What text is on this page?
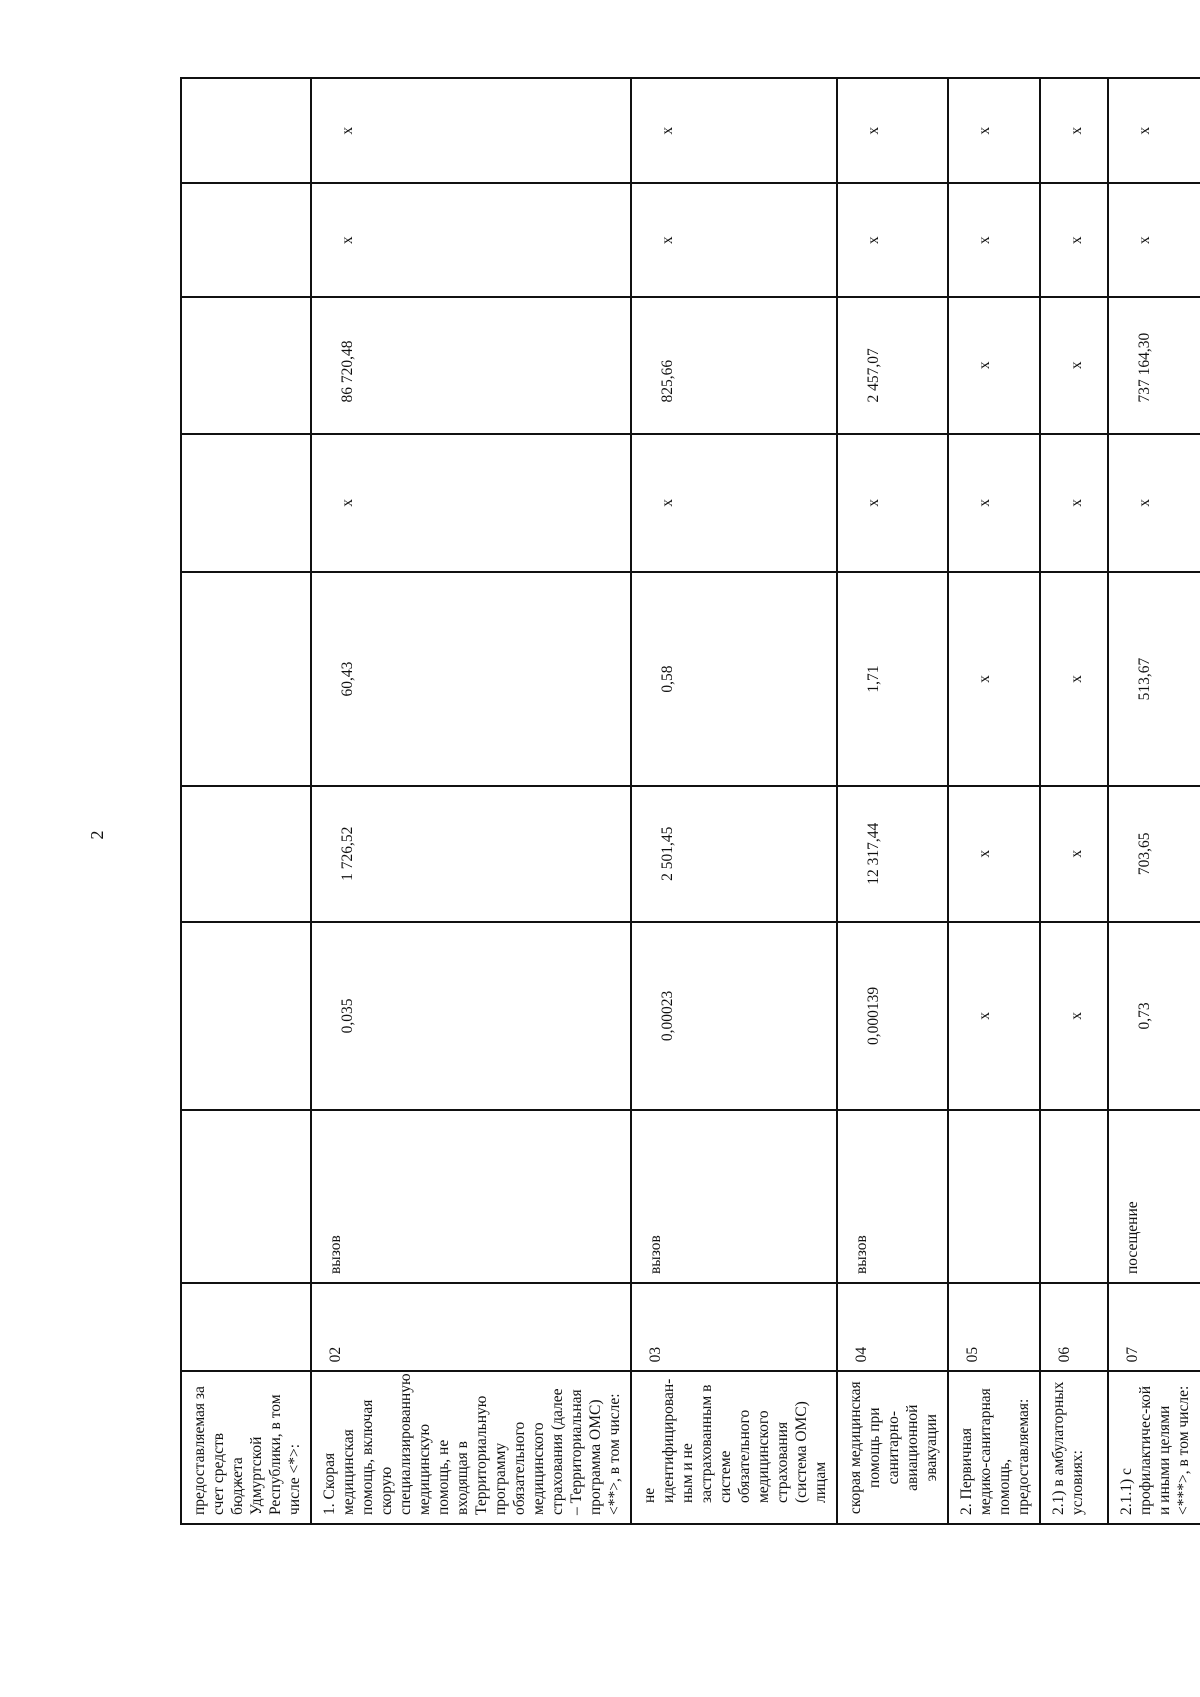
2
предоставляемая за счет средств бюджета Удмуртской Республики, в том числе <*>:									
1. Скорая медицинская помощь, включая скорую специализированную медицинскую помощь, не входящая в Территориальную программу обязательного медицинского страхования (далее – Территориальная программа ОМС) <**>, в том числе:	02	вызов	0,035	1 726,52	60,43	х	86 720,48	х	х
не идентифицирован-ным и не застрахованным в системе обязательного медицинского страхования (система ОМС) лицам	03	вызов	0,00023	2 501,45	0,58	х	825,66	х	х
скорая медицинская помощь при санитарно-авиационной эвакуации	04	вызов	0,000139	12 317,44	1,71	х	2 457,07	х	х
2. Первичная медико-санитарная помощь, предоставляемая:	05		х	х	х	х	х	х	х
2.1) в амбулаторных условиях:	06		х	х	х	х	х	х	х
2.1.1) с профилактичес-кой и иными целями <***>, в том числе:	07	посещение	0,73	703,65	513,67	х	737 164,30	х	х
